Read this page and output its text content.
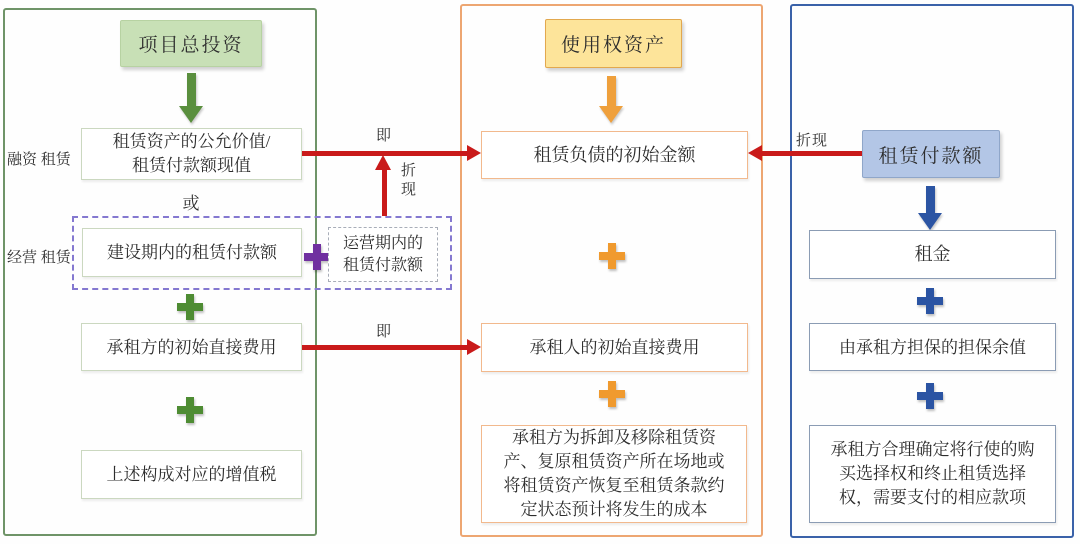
项目总投资
融资 租赁
经营 租赁
租赁资产的公允价值/
租赁付款额现值
或
建设期内的租赁付款额	运营期内的
租赁付款额
承租方的初始直接费用
上述构成对应的增值税
使用权资产
租赁负债的初始金额
承租人的初始直接费用
承租方为拆卸及移除租赁资
产、复原租赁资产所在场地或
将租赁资产恢复至租赁条款约
定状态预计将发生的成本
租赁付款额
租金
由承租方担保的担保余值
承租方合理确定将行使的购
买选择权和终止租赁选择
权，需要支付的相应款项
即
即
折现
折现
